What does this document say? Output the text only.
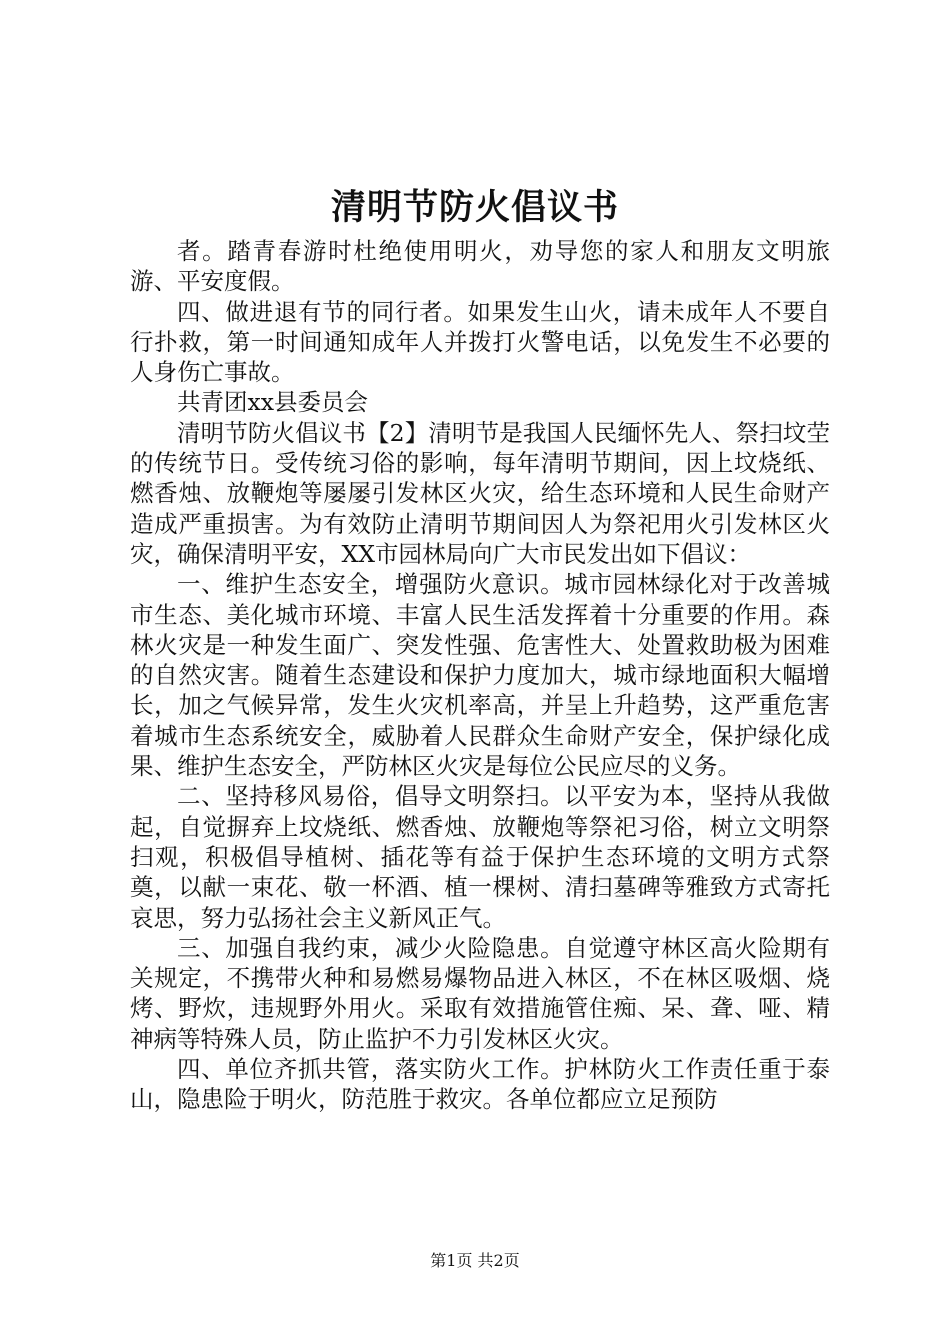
清明节防火倡议书

者。踏青春游时杜绝使用明火，劝导您的家人和朋友文明旅游、平安度假。

四、做进退有节的同行者。如果发生山火，请未成年人不要自行扑救，第一时间通知成年人并拨打火警电话，以免发生不必要的人身伤亡事故。

共青团xx县委员会

清明节防火倡议书【2】清明节是我国人民缅怀先人、祭扫坟茔的传统节日。受传统习俗的影响，每年清明节期间，因上坟烧纸、燃香烛、放鞭炮等屡屡引发林区火灾，给生态环境和人民生命财产造成严重损害。为有效防止清明节期间因人为祭祀用火引发林区火灾，确保清明平安，XX市园林局向广大市民发出如下倡议：

一、维护生态安全，增强防火意识。城市园林绿化对于改善城市生态、美化城市环境、丰富人民生活发挥着十分重要的作用。森林火灾是一种发生面广、突发性强、危害性大、处置救助极为困难的自然灾害。随着生态建设和保护力度加大，城市绿地面积大幅增长，加之气候异常，发生火灾机率高，并呈上升趋势，这严重危害着城市生态系统安全，威胁着人民群众生命财产安全，保护绿化成果、维护生态安全，严防林区火灾是每位公民应尽的义务。

二、坚持移风易俗，倡导文明祭扫。以平安为本，坚持从我做起，自觉摒弃上坟烧纸、燃香烛、放鞭炮等祭祀习俗，树立文明祭扫观，积极倡导植树、插花等有益于保护生态环境的文明方式祭奠，以献一束花、敬一杯酒、植一棵树、清扫墓碑等雅致方式寄托哀思，努力弘扬社会主义新风正气。

三、加强自我约束，减少火险隐患。自觉遵守林区高火险期有关规定，不携带火种和易燃易爆物品进入林区，不在林区吸烟、烧烤、野炊，违规野外用火。采取有效措施管住痴、呆、聋、哑、精神病等特殊人员，防止监护不力引发林区火灾。

四、单位齐抓共管，落实防火工作。护林防火工作责任重于泰山，隐患险于明火，防范胜于救灾。各单位都应立足预防

第1页 共2页
